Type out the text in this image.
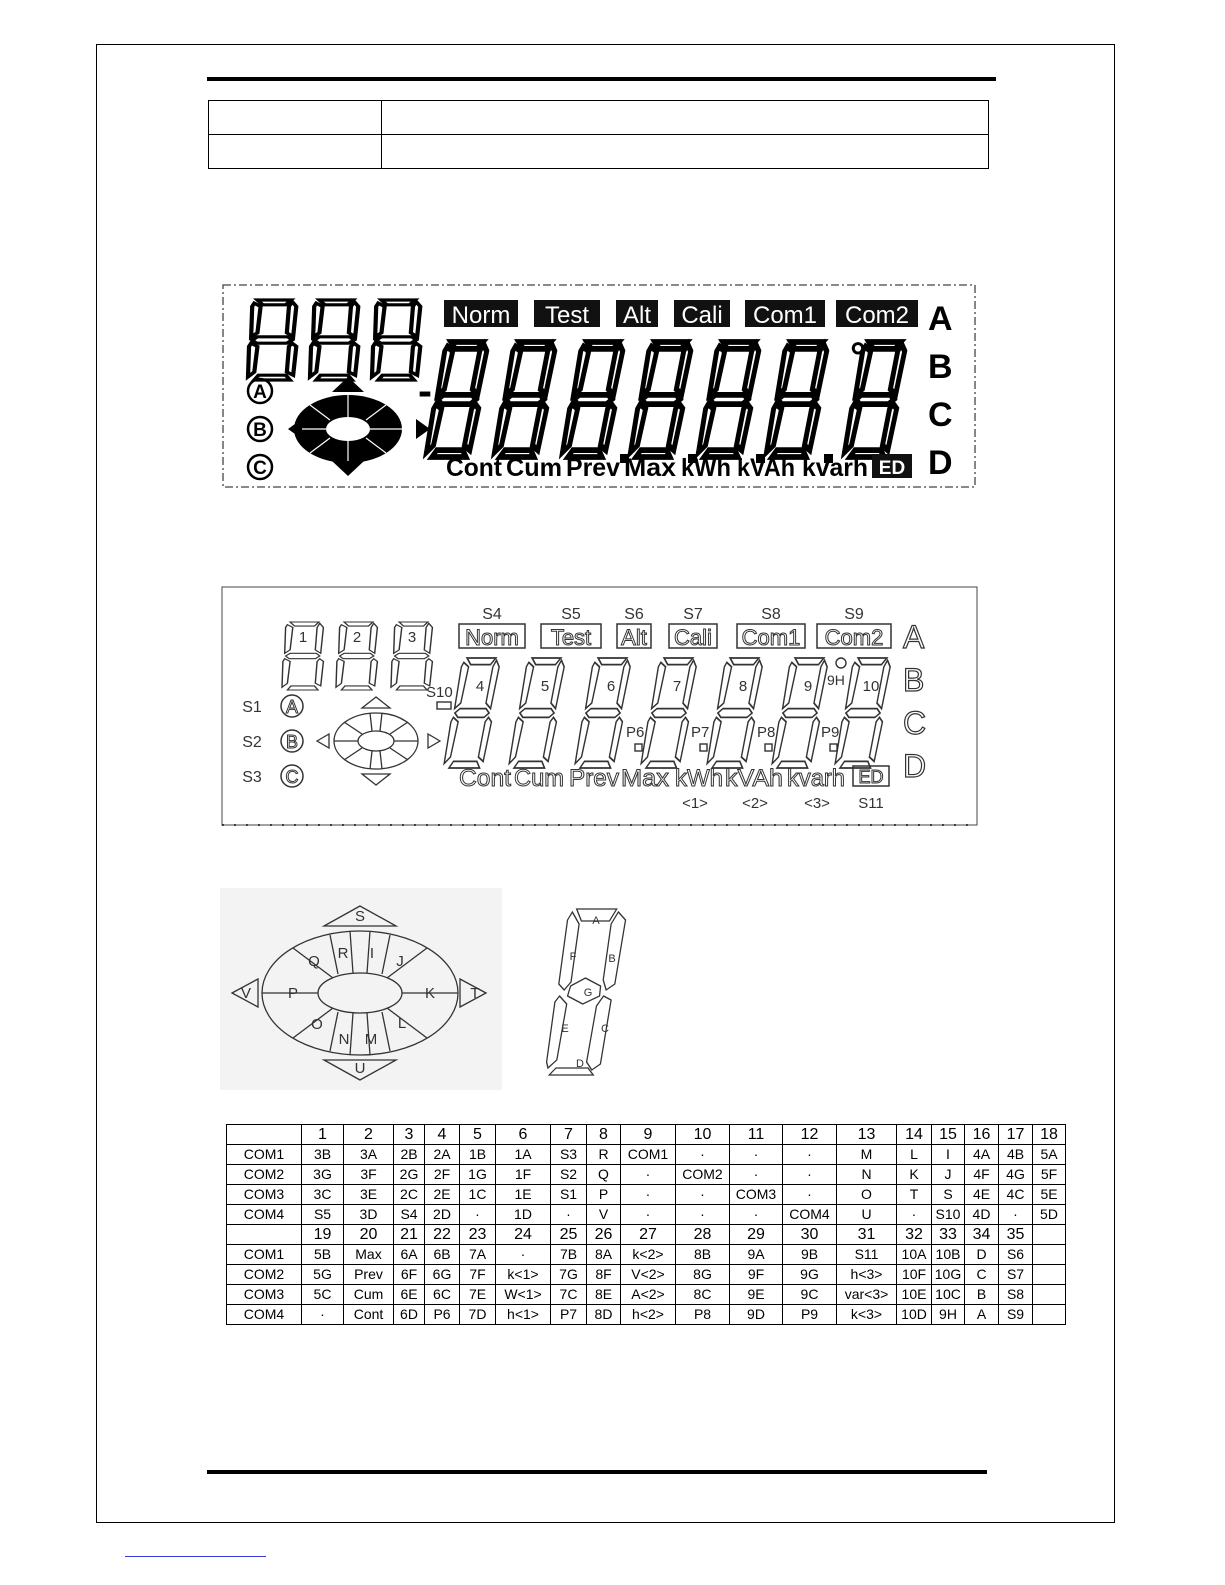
Norm Test Alt Cali Com1 Com2 A
B
C
D
-
°
A
B
C	Cont Cum Prev Max kWh kVAh kvarh ED
S4	S5	S6 S7	S8	S9
Norm Test Alt Cali Com1 Com2 A
B
C
D
1	2	3
4	5	6	7	8	9	10
P6	P7	P8	P9
S10
9H
S1 A
S2 B
S3 C	Cont Cum Prev Max kWh kVAh kvarh ED
<1> <2> <3> S11
S
T
U
V
I J
K
L
M
N
O
P
Q R
A
B
C
D
E
F
G
	1	2	3	4	5	6	7	8	9	10	11	12	13	14	15	16	17	18
COM1	3B	3A	2B	2A	1B	1A	S3	R	COM1	·	·	·	M	L	I	4A	4B	5A
COM2	3G	3F	2G	2F	1G	1F	S2	Q	·	COM2	·	·	N	K	J	4F	4G	5F
COM3	3C	3E	2C	2E	1C	1E	S1	P	·	·	COM3	·	O	T	S	4E	4C	5E
COM4	S5	3D	S4	2D	·	1D	·	V	·	·	·	COM4	U	·	S10	4D	·	5D
	19	20	21	22	23	24	25	26	27	28	29	30	31	32	33	34	35	
COM1	5B	Max	6A	6B	7A	·	7B	8A	k<2>	8B	9A	9B	S11	10A	10B	D	S6	
COM2	5G	Prev	6F	6G	7F	k<1>	7G	8F	V<2>	8G	9F	9G	h<3>	10F	10G	C	S7	
COM3	5C	Cum	6E	6C	7E	W<1>	7C	8E	A<2>	8C	9E	9C	var<3>	10E	10C	B	S8	
COM4	·	Cont	6D	P6	7D	h<1>	P7	8D	h<2>	P8	9D	P9	k<3>	10D	9H	A	S9	
